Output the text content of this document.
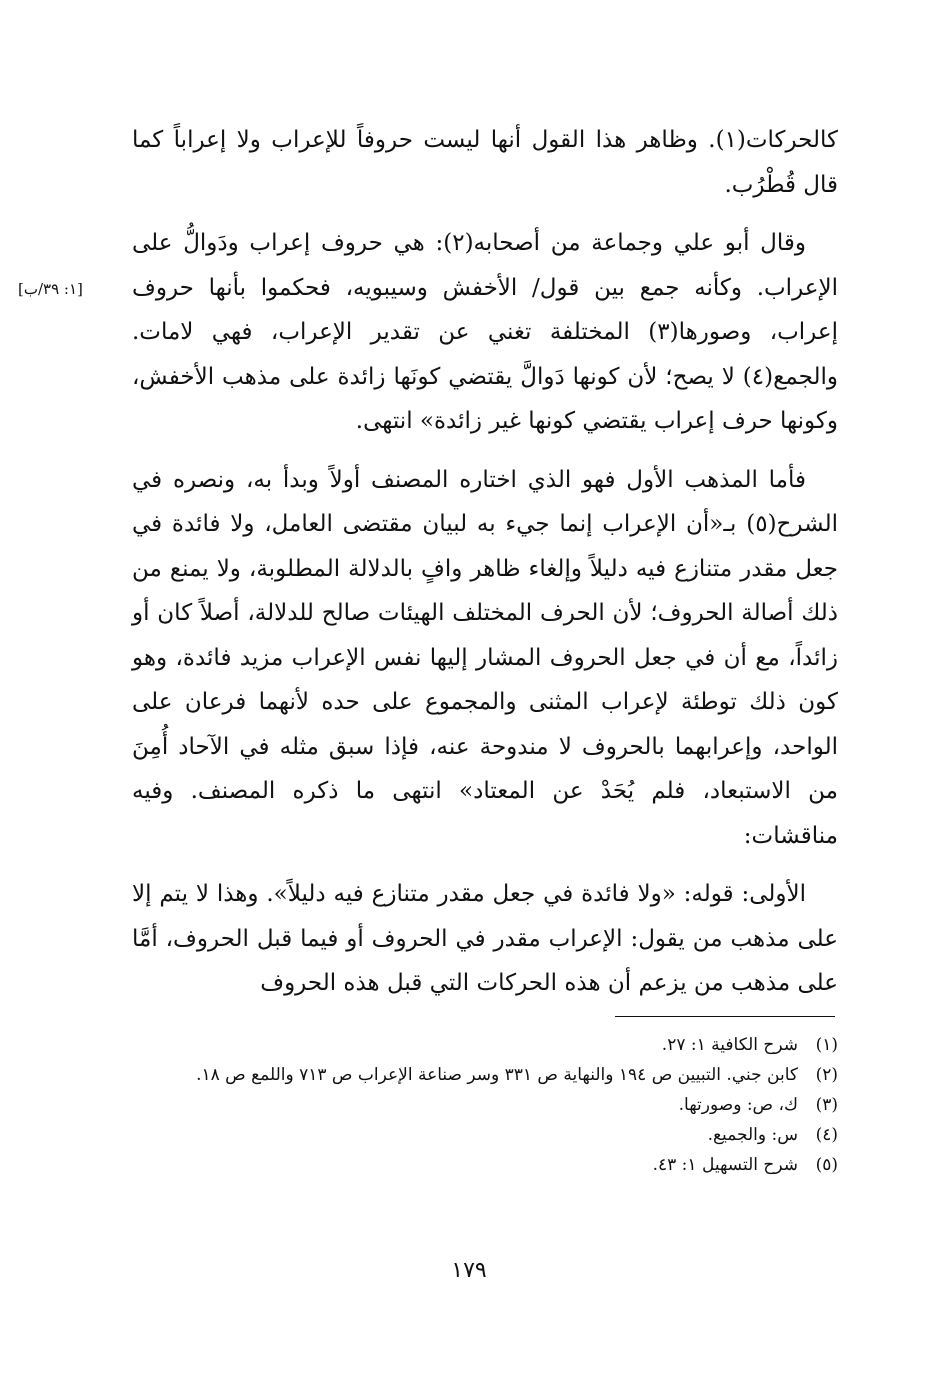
كالحركات(١). وظاهر هذا القول أنها ليست حروفاً للإعراب ولا إعراباً كما قال قُطْرُب.

وقال أبو علي وجماعة من أصحابه(٢): هي حروف إعراب ودَوالُّ على الإعراب. وكأنه جمع بين قول/ الأخفش وسيبويه، فحكموا بأنها حروف إعراب، وصورها(٣) المختلفة تغني عن تقدير الإعراب، فهي لامات. والجمع(٤) لا يصح؛ لأن كونها دَوالَّ يقتضي كونَها زائدة على مذهب الأخفش، وكونها حرف إعراب يقتضي كونها غير زائدة» انتهى.

فأما المذهب الأول فهو الذي اختاره المصنف أولاً وبدأ به، ونصره في الشرح(٥) بـ«أن الإعراب إنما جيء به لبيان مقتضى العامل، ولا فائدة في جعل مقدر متنازع فيه دليلاً وإلغاء ظاهر وافٍ بالدلالة المطلوبة، ولا يمنع من ذلك أصالة الحروف؛ لأن الحرف المختلف الهيئات صالح للدلالة، أصلاً كان أو زائداً، مع أن في جعل الحروف المشار إليها نفس الإعراب مزيد فائدة، وهو كون ذلك توطئة لإعراب المثنى والمجموع على حده لأنهما فرعان على الواحد، وإعرابهما بالحروف لا مندوحة عنه، فإذا سبق مثله في الآحاد أُمِنَ من الاستبعاد، فلم يُحَدْ عن المعتاد» انتهى ما ذكره المصنف. وفيه مناقشات:

الأولى: قوله: «ولا فائدة في جعل مقدر متنازع فيه دليلاً». وهذا لا يتم إلا على مذهب من يقول: الإعراب مقدر في الحروف أو فيما قبل الحروف، أمَّا على مذهب من يزعم أن هذه الحركات التي قبل هذه الحروف

[١: ٣٩/ب]
(١)
شرح الكافية ١: ٢٧.
(٢)
كابن جني. التبيين ص ١٩٤ والنهاية ص ٣٣١ وسر صناعة الإعراب ص ٧١٣ واللمع ص ١٨.
(٣)
ك، ص: وصورتها.
(٤)
س: والجميع.
(٥)
شرح التسهيل ١: ٤٣.
١٧٩
